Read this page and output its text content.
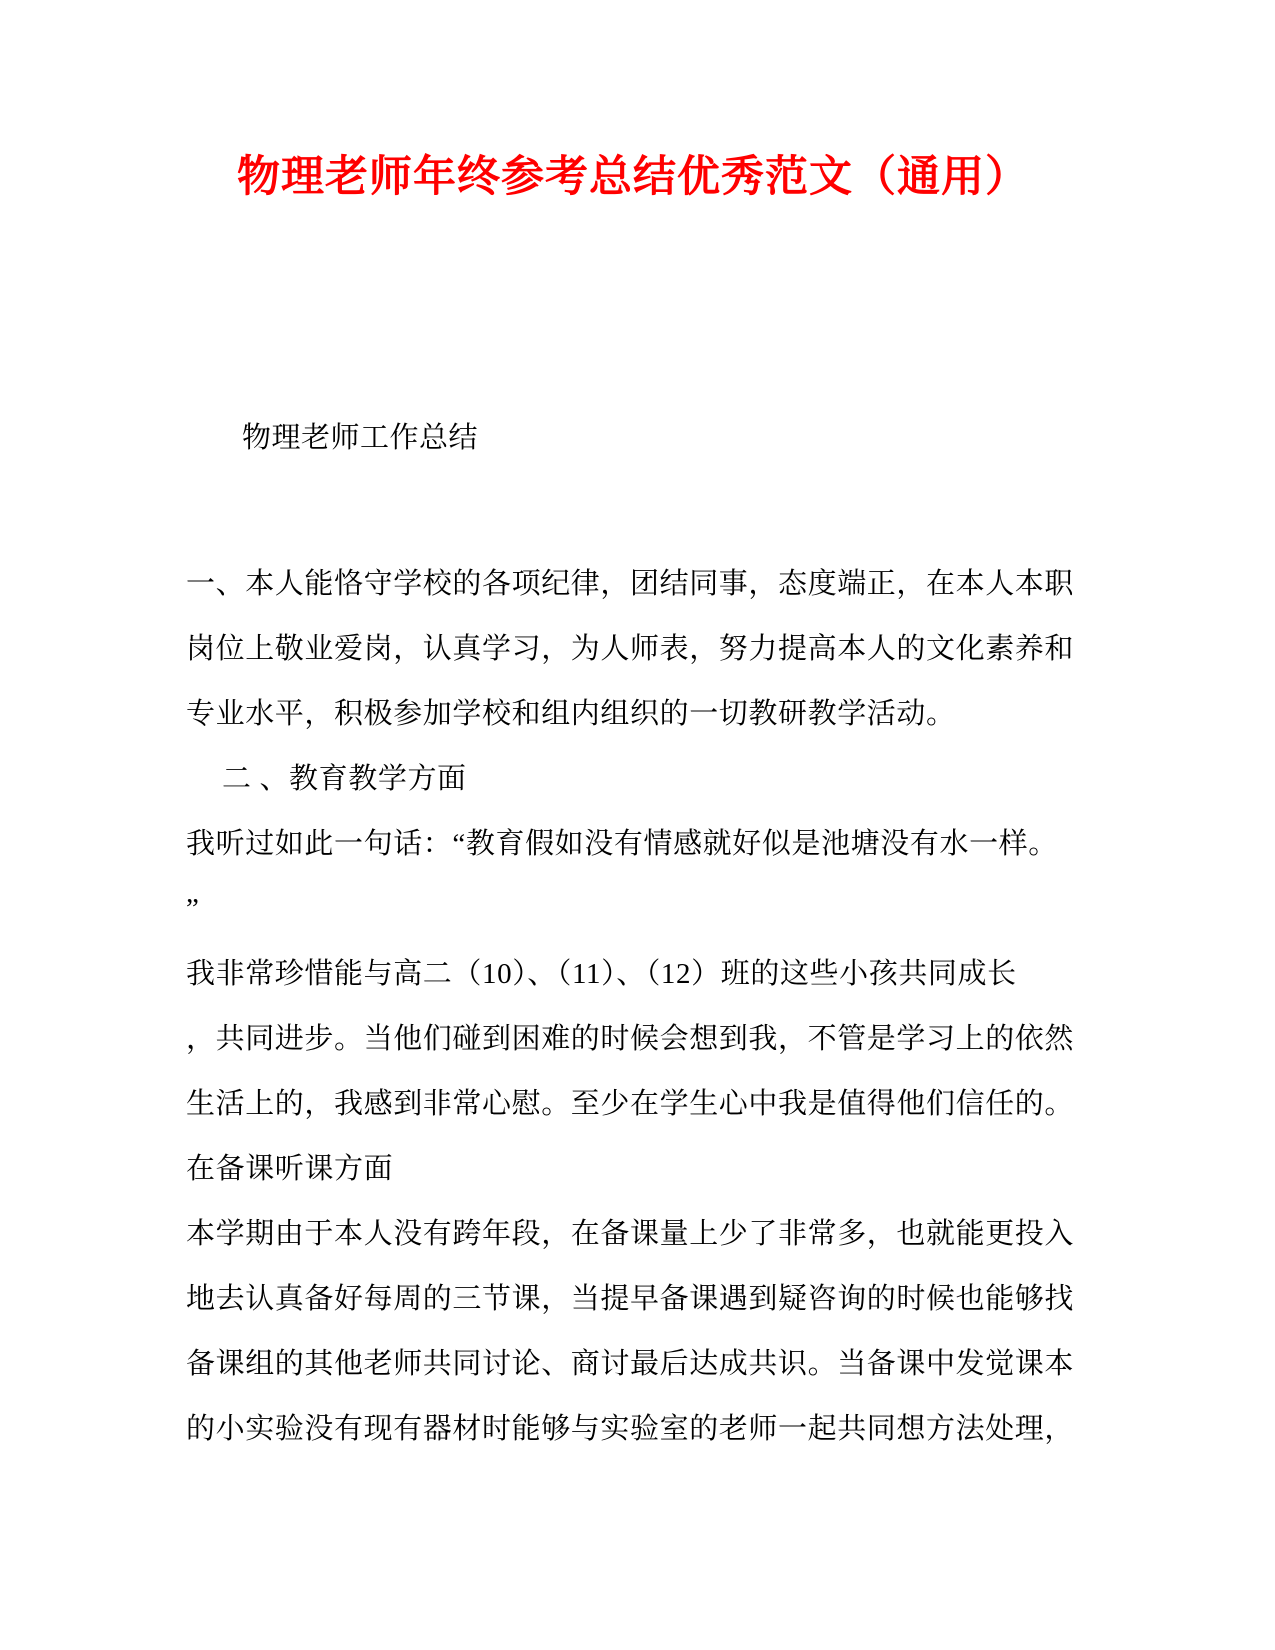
物理老师年终参考总结优秀范文（通用）
物理老师工作总结
一、本人能恪守学校的各项纪律，团结同事，态度端正，在本人本职
岗位上敬业爱岗，认真学习，为人师表，努力提高本人的文化素养和
专业水平，积极参加学校和组内组织的一切教研教学活动。
二 、教育教学方面
我听过如此一句话：“教育假如没有情感就好似是池塘没有水一样。
”
我非常珍惜能与高二（10）、（11）、（12）班的这些小孩共同成长
，共同进步。当他们碰到困难的时候会想到我，不管是学习上的依然
生活上的，我感到非常心慰。至少在学生心中我是值得他们信任的。
在备课听课方面
本学期由于本人没有跨年段，在备课量上少了非常多，也就能更投入
地去认真备好每周的三节课，当提早备课遇到疑咨询的时候也能够找
备课组的其他老师共同讨论、商讨最后达成共识。当备课中发觉课本
的小实验没有现有器材时能够与实验室的老师一起共同想方法处理，
